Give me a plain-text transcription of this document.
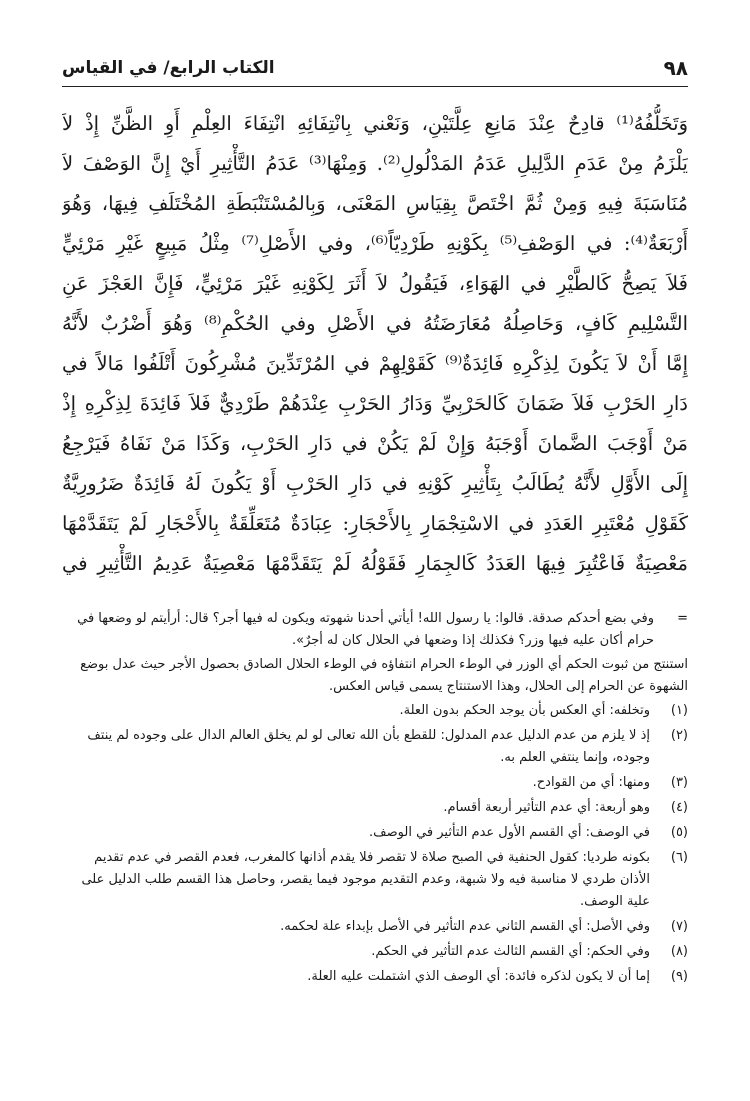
٩٨
الكتاب الرابع/ في القياس
وَتَخَلُّفُهُ⁽¹⁾ قادِحٌ عِنْدَ مَانِعِ عِلَّتَيْنِ، وَنَعْني بِانْتِفَائِهِ انْتِفَاءَ العِلْمِ أَوِ الظَّنِّ إِذْ لاَ
يَلْزَمُ مِنْ عَدَمِ الدَّلِيلِ عَدَمُ المَدْلُولِ⁽²⁾. وَمِنْهَا⁽³⁾ عَدَمُ التَّأْثِيرِ أَيْ إِنَّ الوَصْفَ لاَ
مُنَاسَبَةَ فِيهِ وَمِنْ ثُمَّ اخْتَصَّ بِقِيَاسِ المَعْنَى، وَبِالمُسْتَنْبَطَةِ المُخْتَلَفِ فِيهَا، وَهُوَ
أَرْبَعَةٌ⁽⁴⁾: في الوَصْفِ⁽⁵⁾ بِكَوْنِهِ طَرْدِيّاً⁽⁶⁾، وفي الأَصْلِ⁽⁷⁾ مِثْلُ مَبِيعٍ غَيْرِ مَرْئِيٍّ
فَلاَ يَصِحُّ كَالطَّيْرِ في الهَوَاءِ، فَيَقُولُ لاَ أَثَرَ لِكَوْنِهِ غَيْرَ مَرْئِيٍّ، فَإِنَّ العَجْزَ عَنِ
التَّسْلِيمِ كَافٍ، وَحَاصِلُهُ مُعَارَضَتُهُ في الأَصْلِ وفي الحُكْمِ⁽⁸⁾ وَهُوَ أَضْرُبٌ لأَنَّهُ
إِمَّا أَنْ لاَ يَكُونَ لِذِكْرِهِ فَائِدَةٌ⁽⁹⁾ كَقَوْلِهِمْ في المُرْتَدِّينَ مُشْرِكُونَ أَتْلَفُوا مَالاً في
دَارِ الحَرْبِ فَلاَ ضَمَانَ كَالحَرْبِيِّ وَدَارُ الحَرْبِ عِنْدَهُمْ طَرْدِيٌّ فَلاَ فَائِدَةَ لِذِكْرِهِ إِذْ
مَنْ أَوْجَبَ الضَّمانَ أَوْجَبَهُ وَإِنْ لَمْ يَكُنْ في دَارِ الحَرْبِ، وَكَذَا مَنْ نَفَاهُ فَيَرْجِعُ
إِلَى الأَوَّلِ لأَنَّهُ يُطَالَبُ بِتَأْثِيرِ كَوْنِهِ في دَارِ الحَرْبِ أَوْ يَكُونَ لَهُ فَائِدَةٌ ضَرُورِيَّةٌ
كَقَوْلِ مُعْتَبِرِ العَدَدِ في الاسْتِجْمَارِ بِالأَحْجَارِ: عِبَادَةٌ مُتَعَلِّقَةٌ بِالأَحْجَارِ لَمْ يَتَقَدَّمْهَا
مَعْصِيَةٌ فَاعْتُبِرَ فِيهَا العَدَدُ كَالجِمَارِ فَقَوْلُهُ لَمْ يَتَقَدَّمْهَا مَعْصِيَةٌ عَدِيمُ التَّأْثِيرِ في
=
وفي بضع أحدكم صدقة. قالوا: يا رسول الله! أيأتي أحدنا شهوته ويكون له فيها أجر؟ قال: أرأيتم لو وضعها في حرام أكان عليه فيها وزر؟ فكذلك إذا وضعها في الحلال كان له أجرٌ».
استنتج من ثبوت الحكم أي الوزر في الوطء الحرام انتفاؤه في الوطء الحلال الصادق بحصول الأجر حيث عدل بوضع الشهوة عن الحرام إلى الحلال، وهذا الاستنتاج يسمى قياس العكس.
(١)
وتخلفه: أي العكس بأن يوجد الحكم بدون العلة.
(٢)
إذ لا يلزم من عدم الدليل عدم المدلول: للقطع بأن الله تعالى لو لم يخلق العالم الدال على وجوده لم ينتف وجوده، وإنما ينتفي العلم به.
(٣)
ومنها: أي من القوادح.
(٤)
وهو أربعة: أي عدم التأثير أربعة أقسام.
(٥)
في الوصف: أي القسم الأول عدم التأثير في الوصف.
(٦)
بكونه طرديا: كقول الحنفية في الصبح صلاة لا تقصر فلا يقدم أذانها كالمغرب، فعدم القصر في عدم تقديم الأذان طردي لا مناسبة فيه ولا شبهة، وعدم التقديم موجود فيما يقصر، وحاصل هذا القسم طلب الدليل على علية الوصف.
(٧)
وفي الأصل: أي القسم الثاني عدم التأثير في الأصل بإبداء علة لحكمه.
(٨)
وفي الحكم: أي القسم الثالث عدم التأثير في الحكم.
(٩)
إما أن لا يكون لذكره فائدة: أي الوصف الذي اشتملت عليه العلة.
